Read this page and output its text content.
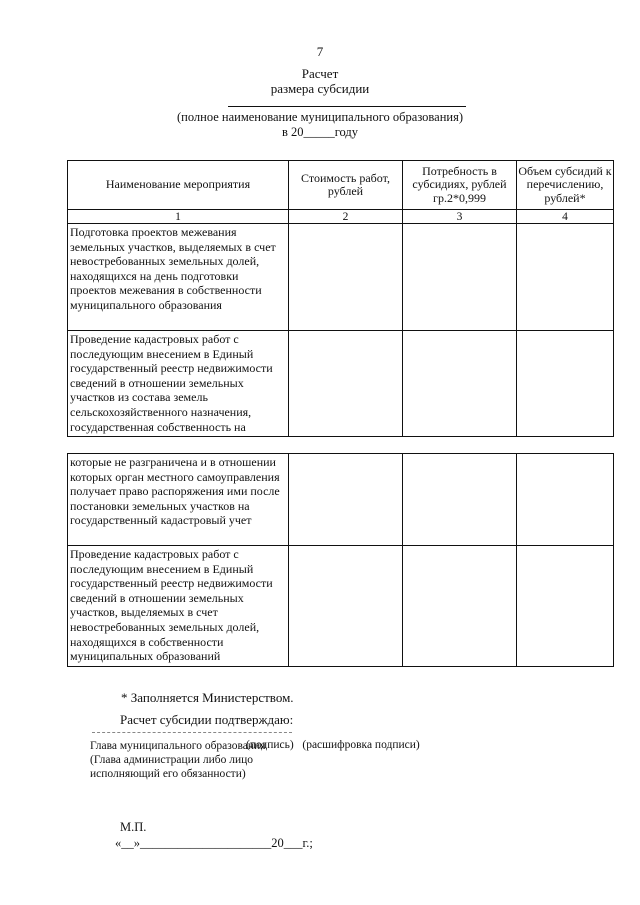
7
Расчет
размера субсидии
(полное наименование муниципального образования)
в 20_____году
Наименование мероприятия	Стоимость работ, рублей	Потребность в субсидиях, рублей гр.2*0,999	Объем субсидий к перечислению, рублей*
1	2	3	4
Подготовка проектов межевания земельных участков, выделяемых в счет невостребованных земельных долей, находящихся на день подготовки проектов межевания в собственности муниципального образования			
Проведение кадастровых работ с последующим внесением в Единый государственный реестр недвижимости сведений в отношении земельных участков из состава земель сельскохозяйственного назначения, государственная собственность на			
которые не разграничена и в отношении которых орган местного самоуправления получает право распоряжения ими после постановки земельных участков на государственный кадастровый учет			
Проведение кадастровых работ с последующим внесением в Единый государственный реестр недвижимости сведений в отношении земельных участков, выделяемых в счет невостребованных земельных долей, находящихся в собственности муниципальных образований			
* Заполняется Министерством.
Расчет субсидии подтверждаю:
Глава муниципального образования (Глава администрации либо лицо исполняющий его обязанности)
(подпись)   (расшифровка подписи)
М.П.
«__»_____________________20___г.;
